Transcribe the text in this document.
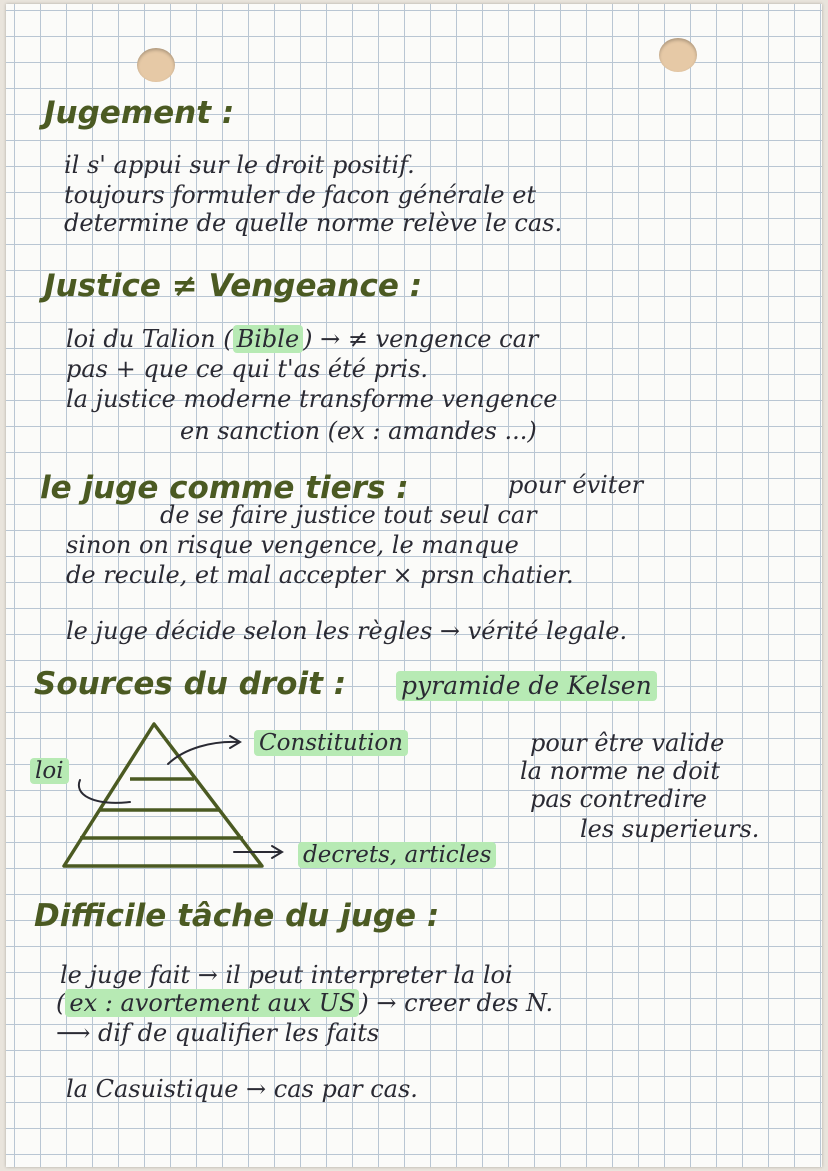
Jugement :

il s' appui sur le droit positif.

toujours formuler de facon générale et

determine de quelle norme relève le cas.

Justice ≠ Vengeance :

loi du Talion ( Bible ) → ≠ vengence car

pas + que ce qui t'as été pris.

la justice moderne transforme vengence

en sanction (ex : amandes ...)

le juge comme tiers :	pour éviter

de se faire justice tout seul car

sinon on risque vengence, le manque

de recule, et mal accepter × prsn chatier.

le juge décide selon les règles → vérité legale.

Sources du droit : pyramide de Kelsen

Constitution

loi

decrets, articles

pour être valide

la norme ne doit

pas contredire

les superieurs.

Difficile tâche du juge :

le juge fait → il peut interpreter la loi

( ex : avortement aux US ) → creer des N.

⟶ dif de qualifier les faits

la Casuistique → cas par cas.
